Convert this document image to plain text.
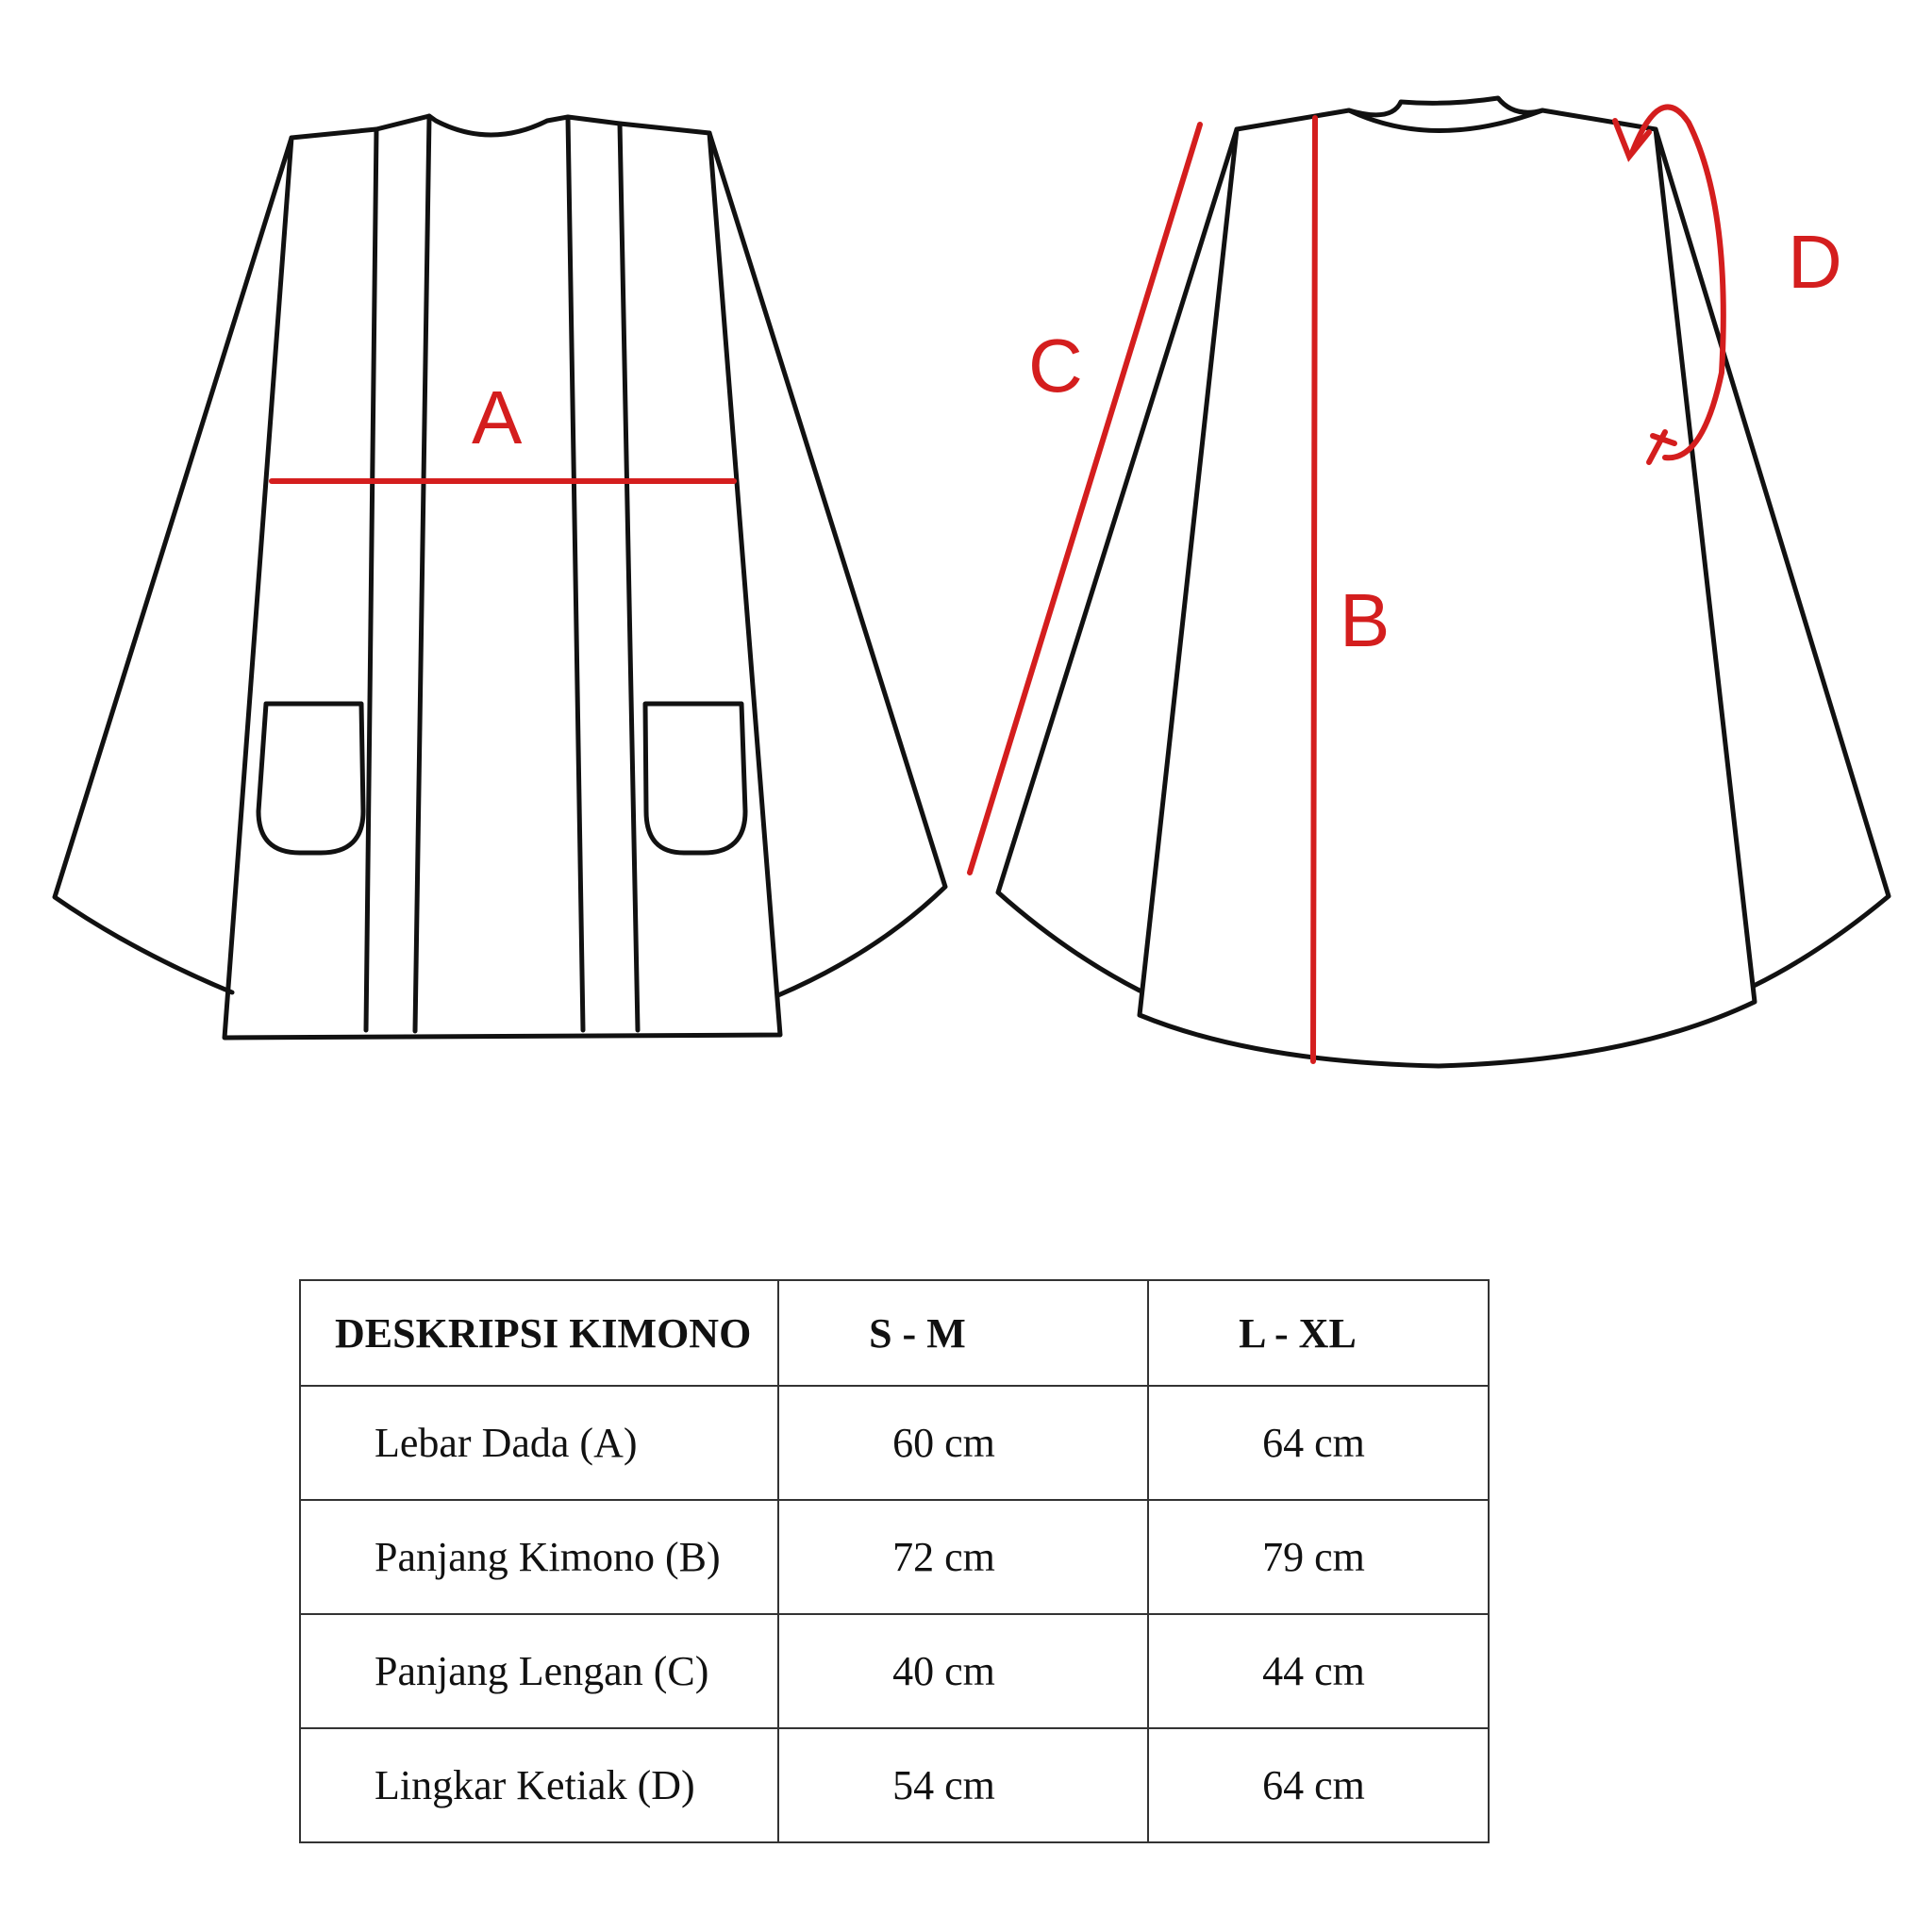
A
B
C
D
DESKRIPSI KIMONO	S - M	L - XL
Lebar Dada (A)	60 cm	64 cm
Panjang Kimono (B)	72 cm	79 cm
Panjang Lengan (C)	40 cm	44 cm
Lingkar Ketiak (D)	54 cm	64 cm
